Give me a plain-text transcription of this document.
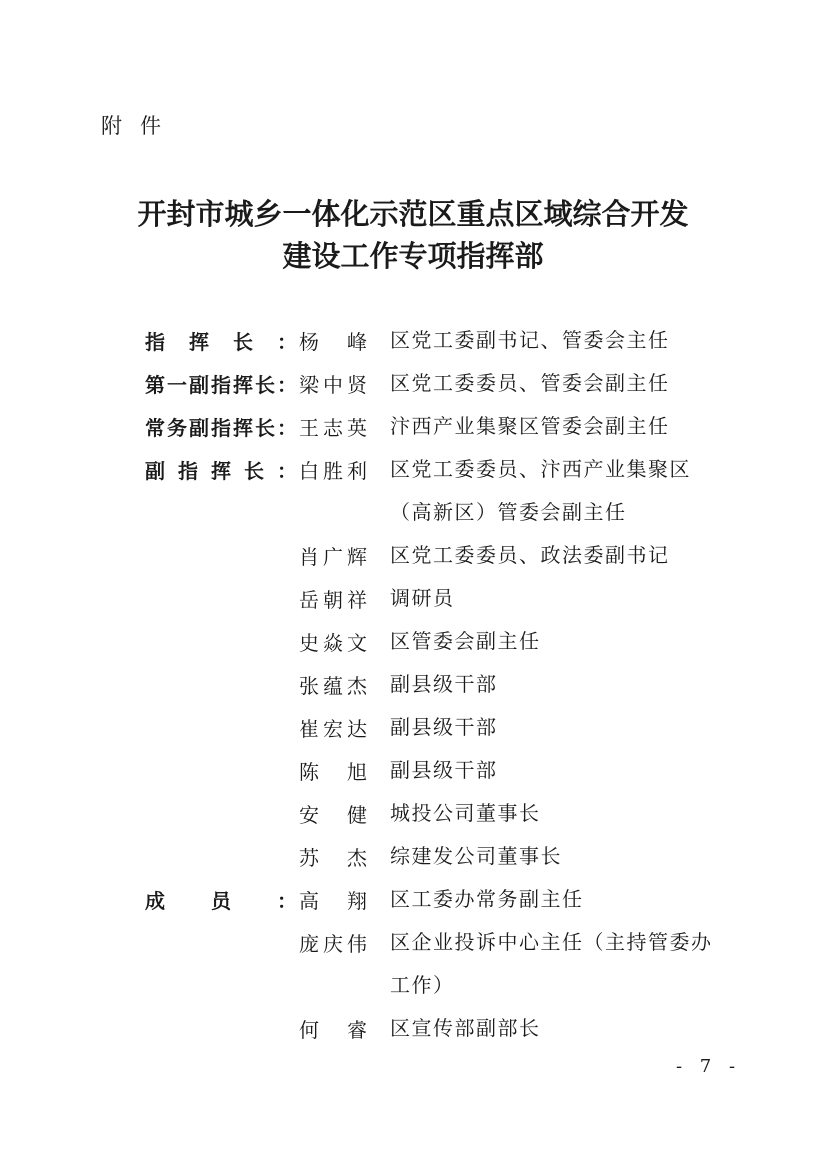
附件
开封市城乡一体化示范区重点区域综合开发
建设工作专项指挥部
指 挥 长 ： 杨 峰 区党工委副书记、管委会主任
第 一 副 指 挥 长 ： 梁 中 贤 区党工委委员、管委会副主任
常 务 副 指 挥 长 ： 王 志 英 汴西产业集聚区管委会副主任
副 指 挥 长 ： 白 胜 利 区党工委委员、汴西产业集聚区（高新区）管委会副主任
肖 广 辉 区党工委委员、政法委副书记
岳 朝 祥 调研员
史 焱 文 区管委会副主任
张 蕴 杰 副县级干部
崔 宏 达 副县级干部
陈 旭 副县级干部
安 健 城投公司董事长
苏 杰 综建发公司董事长
成 员 ： 高 翔 区工委办常务副主任
庞 庆 伟 区企业投诉中心主任（主持管委办工作）
何 睿 区宣传部副部长
- 7 -
